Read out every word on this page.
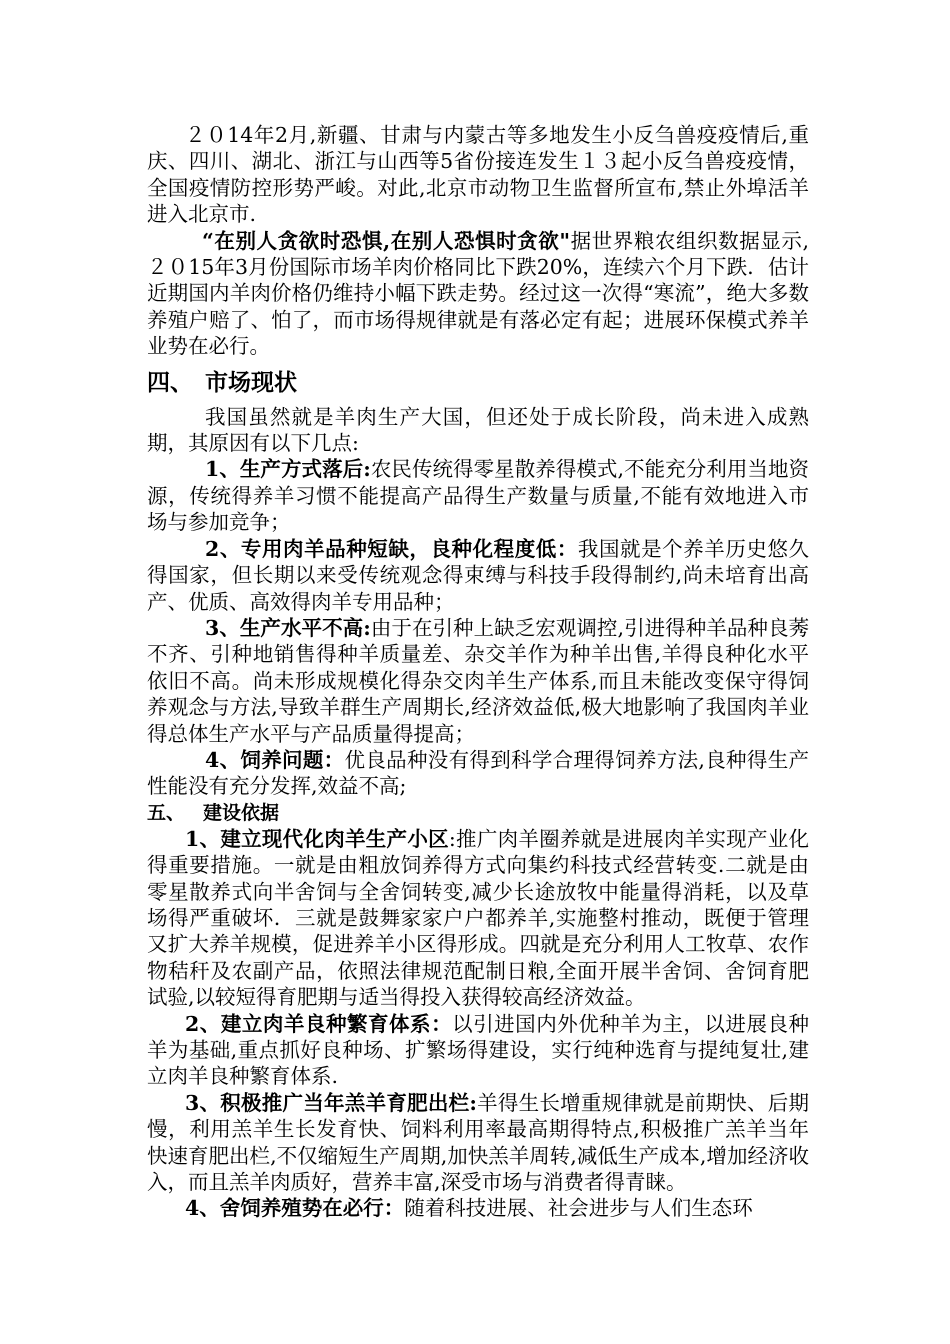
２０14年2月,新疆、甘肃与内蒙古等多地发生小反刍兽疫疫情后,重庆、四川、湖北、浙江与山西等5省份接连发生１３起小反刍兽疫疫情，全国疫情防控形势严峻。对此,北京市动物卫生监督所宣布,禁止外埠活羊进入北京市.

“在别人贪欲时恐惧,在别人恐惧时贪欲"据世界粮农组织数据显示,２０15年3月份国际市场羊肉价格同比下跌20%，连续六个月下跌．估计近期国内羊肉价格仍维持小幅下跌走势。经过这一次得“寒流”，绝大多数养殖户赔了、怕了，而市场得规律就是有落必定有起；进展环保模式养羊业势在必行。

四、 市场现状

我国虽然就是羊肉生产大国，但还处于成长阶段，尚未进入成熟期，其原因有以下几点:

1、生产方式落后:农民传统得零星散养得模式,不能充分利用当地资源，传统得养羊习惯不能提高产品得生产数量与质量,不能有效地进入市场与参加竞争；

2、专用肉羊品种短缺，良种化程度低：我国就是个养羊历史悠久得国家，但长期以来受传统观念得束缚与科技手段得制约,尚未培育出高产、优质、高效得肉羊专用品种；

3、生产水平不高:由于在引种上缺乏宏观调控,引进得种羊品种良莠不齐、引种地销售得种羊质量差、杂交羊作为种羊出售,羊得良种化水平依旧不高。尚未形成规模化得杂交肉羊生产体系,而且未能改变保守得饲养观念与方法,导致羊群生产周期长,经济效益低,极大地影响了我国肉羊业得总体生产水平与产品质量得提高；

4、饲养问题：优良品种没有得到科学合理得饲养方法,良种得生产性能没有充分发挥,效益不高;

五、 建设依据

1、建立现代化肉羊生产小区:推广肉羊圈养就是进展肉羊实现产业化得重要措施。一就是由粗放饲养得方式向集约科技式经营转变.二就是由零星散养式向半舍饲与全舍饲转变,减少长途放牧中能量得消耗，以及草场得严重破坏．三就是鼓舞家家户户都养羊,实施整村推动，既便于管理又扩大养羊规模，促进养羊小区得形成。四就是充分利用人工牧草、农作物秸秆及农副产品，依照法律规范配制日粮,全面开展半舍饲、舍饲育肥试验,以较短得育肥期与适当得投入获得较高经济效益。

2、建立肉羊良种繁育体系：以引进国内外优种羊为主，以进展良种羊为基础,重点抓好良种场、扩繁场得建设，实行纯种选育与提纯复壮,建立肉羊良种繁育体系.

3、积极推广当年羔羊育肥出栏:羊得生长增重规律就是前期快、后期慢，利用羔羊生长发育快、饲料利用率最高期得特点,积极推广羔羊当年快速育肥出栏,不仅缩短生产周期,加快羔羊周转,减低生产成本,增加经济收入，而且羔羊肉质好，营养丰富,深受市场与消费者得青睐。

4、舍饲养殖势在必行：随着科技进展、社会进步与人们生态环
